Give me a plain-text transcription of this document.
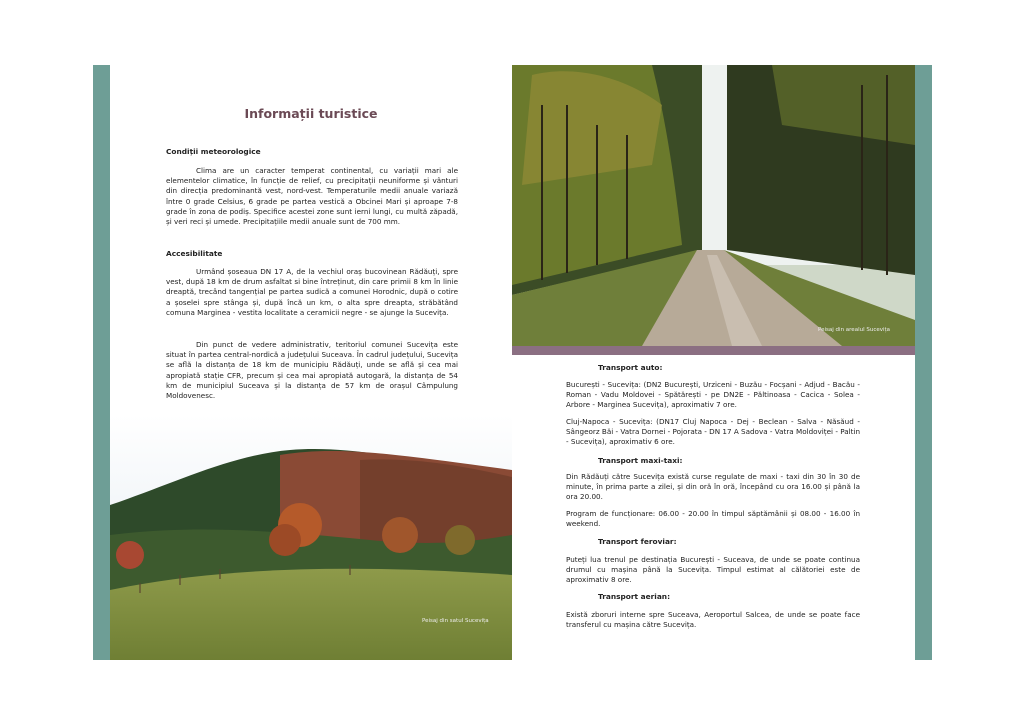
Informații turistice
Condiții meteorologice
Clima are un caracter temperat continental, cu variații mari ale elementelor climatice, în funcție de relief, cu precipitații neuniforme și vânturi din direcția predominantă vest, nord-vest. Temperaturile medii anuale variază între 0 grade Celsius, 6 grade pe partea vestică a Obcinei Mari și aproape 7-8 grade în zona de podiș. Specifice acestei zone sunt ierni lungi, cu multă zăpadă, și veri reci și umede. Precipitațiile medii anuale sunt de 700 mm.
Accesibilitate
Urmând șoseaua DN 17 A, de la vechiul oraș bucovinean Rădăuți, spre vest, după 18 km de drum asfaltat si bine întreținut, din care primii 8 km în linie dreaptă, trecând tangențial pe partea sudică a comunei Horodnic, după o cotire a șoselei spre stânga și, după încă un km, o alta spre dreapta, străbătând comuna Marginea - vestita localitate a ceramicii negre - se ajunge la Sucevița.
Din punct de vedere administrativ, teritoriul comunei Sucevița este situat în partea central-nordică a județului Suceava. În cadrul județului, Sucevița se află la distanța de 18 km de municipiu Rădăuți, unde se află și cea mai apropiată stație CFR, precum și cea mai apropiată autogară, la distanța de 54 km de municipiul Suceava și la distanța de 57 km de orașul Câmpulung Moldovenesc.
Peisaj din satul Sucevița
Peisaj din arealul Sucevița
Transport auto:
București - Sucevița: (DN2 București, Urziceni - Buzău - Focșani - Adjud - Bacău - Roman - Vadu Moldovei - Spătărești - pe DN2E - Păltinoasa - Cacica - Solea - Arbore - Marginea Sucevița), aproximativ 7 ore.
Cluj-Napoca - Sucevița: (DN17 Cluj Napoca - Dej - Beclean - Salva - Năsăud - Sângeorz Băi - Vatra Dornei - Pojorata - DN 17 A Sadova - Vatra Moldoviței - Paltin - Sucevița), aproximativ 6 ore.
Transport maxi-taxi:
Din Rădăuți către Sucevița există curse regulate de maxi - taxi din 30 în 30 de minute, în prima parte a zilei, și din oră în oră, începând cu ora 16.00 și până la ora 20.00.
Program de funcționare: 06.00 - 20.00 în timpul săptămânii și 08.00 - 16.00 în weekend.
Transport feroviar:
Puteți lua trenul pe destinația București - Suceava, de unde se poate continua drumul cu mașina până la Sucevița. Timpul estimat al călătoriei este de aproximativ 8 ore.
Transport aerian:
Există zboruri interne spre Suceava, Aeroportul Salcea, de unde se poate face transferul cu mașina către Sucevița.
